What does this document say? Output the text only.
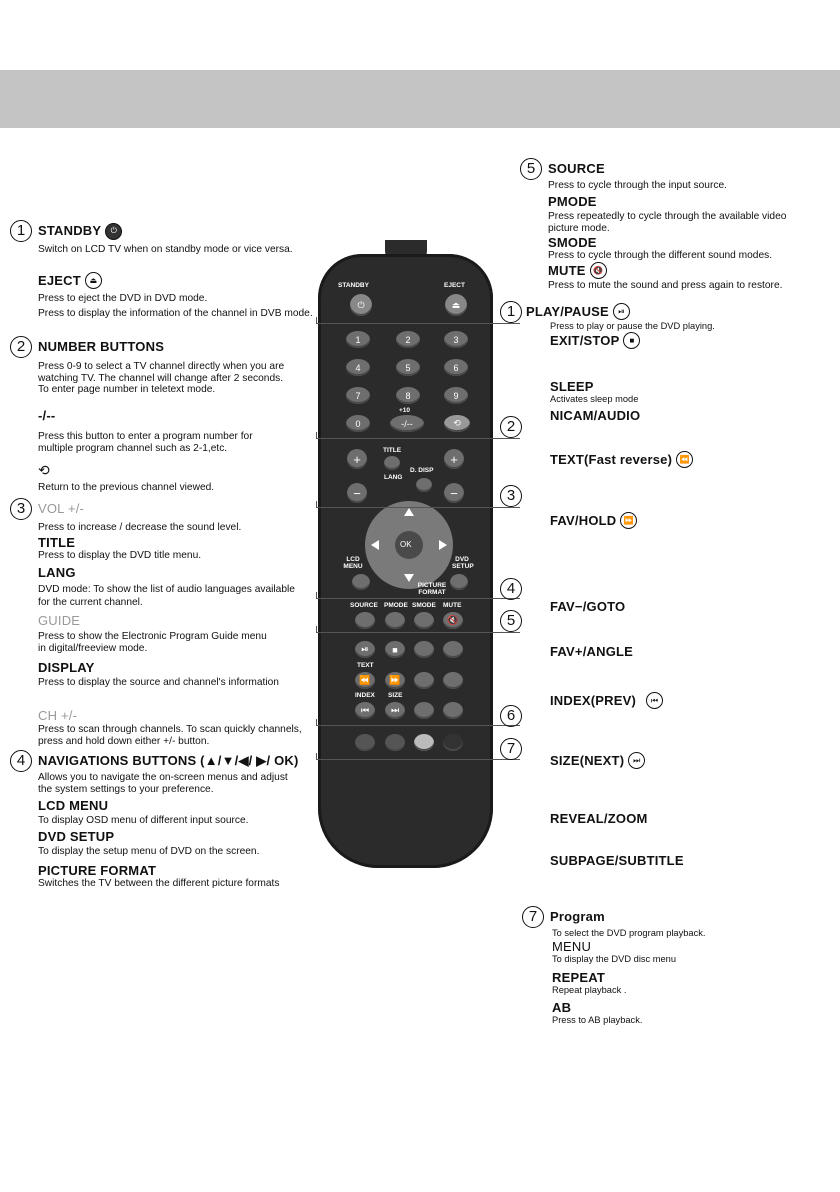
1 STANDBY ⏻
Switch on LCD TV when on standby mode or vice versa.
EJECT ⏏
Press to eject the DVD in DVD mode.
Press to display the information of the channel in DVB mode.
2 NUMBER BUTTONS
Press 0-9 to select a TV channel directly when you are watching TV. The channel will change after 2 seconds.
To enter page number in teletext mode.
-/--
Press this button to enter a program number for multiple program channel such as 2-1,etc.
⟲
Return to the previous channel viewed.
3 VOL +/-
Press to increase / decrease the sound level.
TITLE
Press to display the DVD title menu.
LANG
DVD mode: To show the list of audio languages available for the current channel.
GUIDE
Press to show the Electronic Program Guide menu in digital/freeview mode.
DISPLAY
Press to display the source and channel's information
CH +/-
Press to scan through channels. To scan quickly channels, press and hold down either +/- button.
4 NAVIGATIONS BUTTONS (▲/▼/◀/ ▶/ OK)
Allows you to navigate the on-screen menus and adjust the system settings to your preference.
LCD MENU
To display OSD menu of different input source.
DVD SETUP
To display the setup menu of DVD on the screen.
PICTURE FORMAT
Switches the TV between the different picture formats
5 SOURCE
Press to cycle through the input source.
PMODE
Press repeatedly to cycle through the available video picture mode.
SMODE
Press to cycle through the different sound modes.
MUTE 🔇
Press to mute the sound and press again to restore.
PLAY/PAUSE ⏯
Press to play or pause the DVD playing.
EXIT/STOP ■
SLEEP
Activates sleep mode
NICAM/AUDIO
TEXT(Fast reverse) ⏪
FAV/HOLD ⏩
FAV−/GOTO
FAV+/ANGLE
INDEX(PREV) ⏮
SIZE(NEXT) ⏭
REVEAL/ZOOM
SUBPAGE/SUBTITLE
7 Program
To select the DVD program playback.
MENU
To display the DVD disc menu
REPEAT
Repeat playback .
AB
Press to AB playback.
STANDBY
⏻
EJECT
⏏
1	2	3
4	5	6
7	8	9
0
+10
-/--	⟲
+
−
+
−
TITLE
LANG
D. DISP
OK
LCD MENU
DVD SETUP
PICTURE FORMAT
SOURCE PMODE SMODE MUTE
🔇
⏯	■
TEXT
⏪	⏩
INDEX SIZE
⏮	⏭
1
2
3
4
5
6
7
